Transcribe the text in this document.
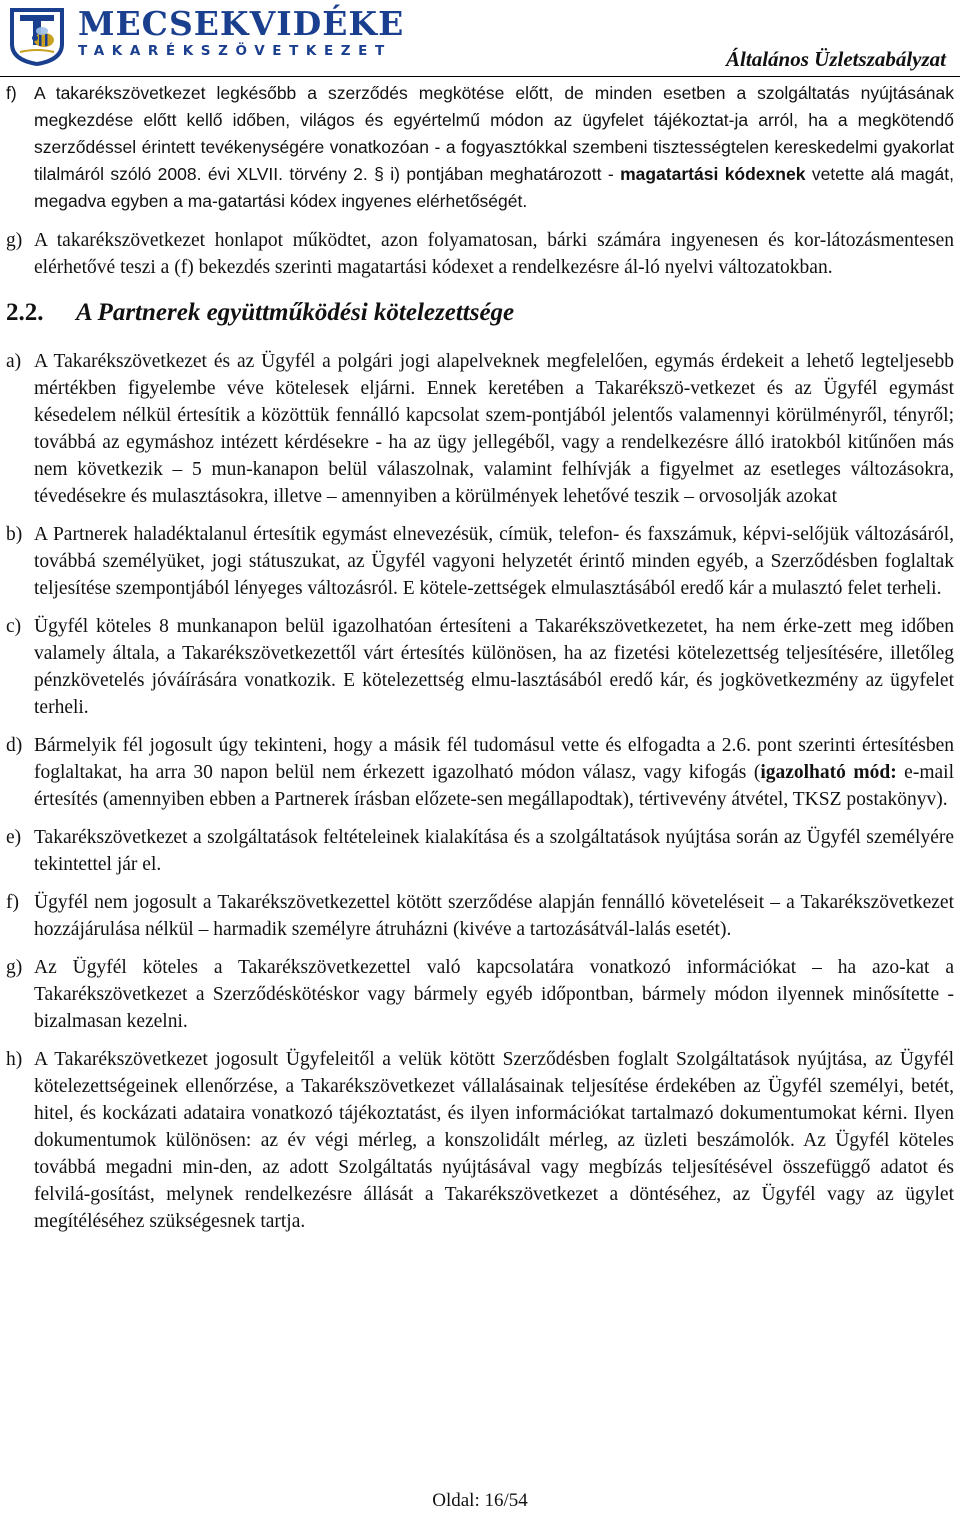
MECSEKVIDÉKE
TAKARÉKSZÖVETKEZET	Általános Üzletszabályzat
f) A takarékszövetkezet legkésőbb a szerződés megkötése előtt, de minden esetben a szolgáltatás nyújtásának megkezdése előtt kellő időben, világos és egyértelmű módon az ügyfelet tájékoztat-ja arról, ha a megkötendő szerződéssel érintett tevékenységére vonatkozóan - a fogyasztókkal szembeni tisztességtelen kereskedelmi gyakorlat tilalmáról szóló 2008. évi XLVII. törvény 2. § i) pontjában meghatározott - magatartási kódexnek vetette alá magát, megadva egyben a ma-gatartási kódex ingyenes elérhetőségét.
g) A takarékszövetkezet honlapot működtet, azon folyamatosan, bárki számára ingyenesen és kor-látozásmentesen elérhetővé teszi a (f) bekezdés szerinti magatartási kódexet a rendelkezésre ál-ló nyelvi változatokban.
2.2. A Partnerek együttműködési kötelezettsége
a) A Takarékszövetkezet és az Ügyfél a polgári jogi alapelveknek megfelelően, egymás érdekeit a lehető legteljesebb mértékben figyelembe véve kötelesek eljárni. Ennek keretében a Takarékszö-vetkezet és az Ügyfél egymást késedelem nélkül értesítik a közöttük fennálló kapcsolat szem-pontjából jelentős valamennyi körülményről, tényről; továbbá az egymáshoz intézett kérdésekre - ha az ügy jellegéből, vagy a rendelkezésre álló iratokból kitűnően más nem következik – 5 mun-kanapon belül válaszolnak, valamint felhívják a figyelmet az esetleges változásokra, tévedésekre és mulasztásokra, illetve – amennyiben a körülmények lehetővé teszik – orvosolják azokat
b) A Partnerek haladéktalanul értesítik egymást elnevezésük, címük, telefon- és faxszámuk, képvi-selőjük változásáról, továbbá személyüket, jogi státuszukat, az Ügyfél vagyoni helyzetét érintő minden egyéb, a Szerződésben foglaltak teljesítése szempontjából lényeges változásról. E kötele-zettségek elmulasztásából eredő kár a mulasztó felet terheli.
c) Ügyfél köteles 8 munkanapon belül igazolhatóan értesíteni a Takarékszövetkezetet, ha nem érke-zett meg időben valamely általa, a Takarékszövetkezettől várt értesítés különösen, ha az fizetési kötelezettség teljesítésére, illetőleg pénzkövetelés jóváírására vonatkozik. E kötelezettség elmu-lasztásából eredő kár, és jogkövetkezmény az ügyfelet terheli.
d) Bármelyik fél jogosult úgy tekinteni, hogy a másik fél tudomásul vette és elfogadta a 2.6. pont szerinti értesítésben foglaltakat, ha arra 30 napon belül nem érkezett igazolható módon válasz, vagy kifogás (igazolható mód: e-mail értesítés (amennyiben ebben a Partnerek írásban előzete-sen megállapodtak), tértivevény átvétel, TKSZ postakönyv).
e) Takarékszövetkezet a szolgáltatások feltételeinek kialakítása és a szolgáltatások nyújtása során az Ügyfél személyére tekintettel jár el.
f) Ügyfél nem jogosult a Takarékszövetkezettel kötött szerződése alapján fennálló követeléseit – a Takarékszövetkezet hozzájárulása nélkül – harmadik személyre átruházni (kivéve a tartozásátvál-lalás esetét).
g) Az Ügyfél köteles a Takarékszövetkezettel való kapcsolatára vonatkozó információkat – ha azo-kat a Takarékszövetkezet a Szerződéskötéskor vagy bármely egyéb időpontban, bármely módon ilyennek minősítette - bizalmasan kezelni.
h) A Takarékszövetkezet jogosult Ügyfeleitől a velük kötött Szerződésben foglalt Szolgáltatások nyújtása, az Ügyfél kötelezettségeinek ellenőrzése, a Takarékszövetkezet vállalásainak teljesítése érdekében az Ügyfél személyi, betét, hitel, és kockázati adataira vonatkozó tájékoztatást, és ilyen információkat tartalmazó dokumentumokat kérni. Ilyen dokumentumok különösen: az év végi mérleg, a konszolidált mérleg, az üzleti beszámolók. Az Ügyfél köteles továbbá megadni min-den, az adott Szolgáltatás nyújtásával vagy megbízás teljesítésével összefüggő adatot és felvilá-gosítást, melynek rendelkezésre állását a Takarékszövetkezet a döntéséhez, az Ügyfél vagy az ügylet megítéléséhez szükségesnek tartja.
Oldal: 16/54
